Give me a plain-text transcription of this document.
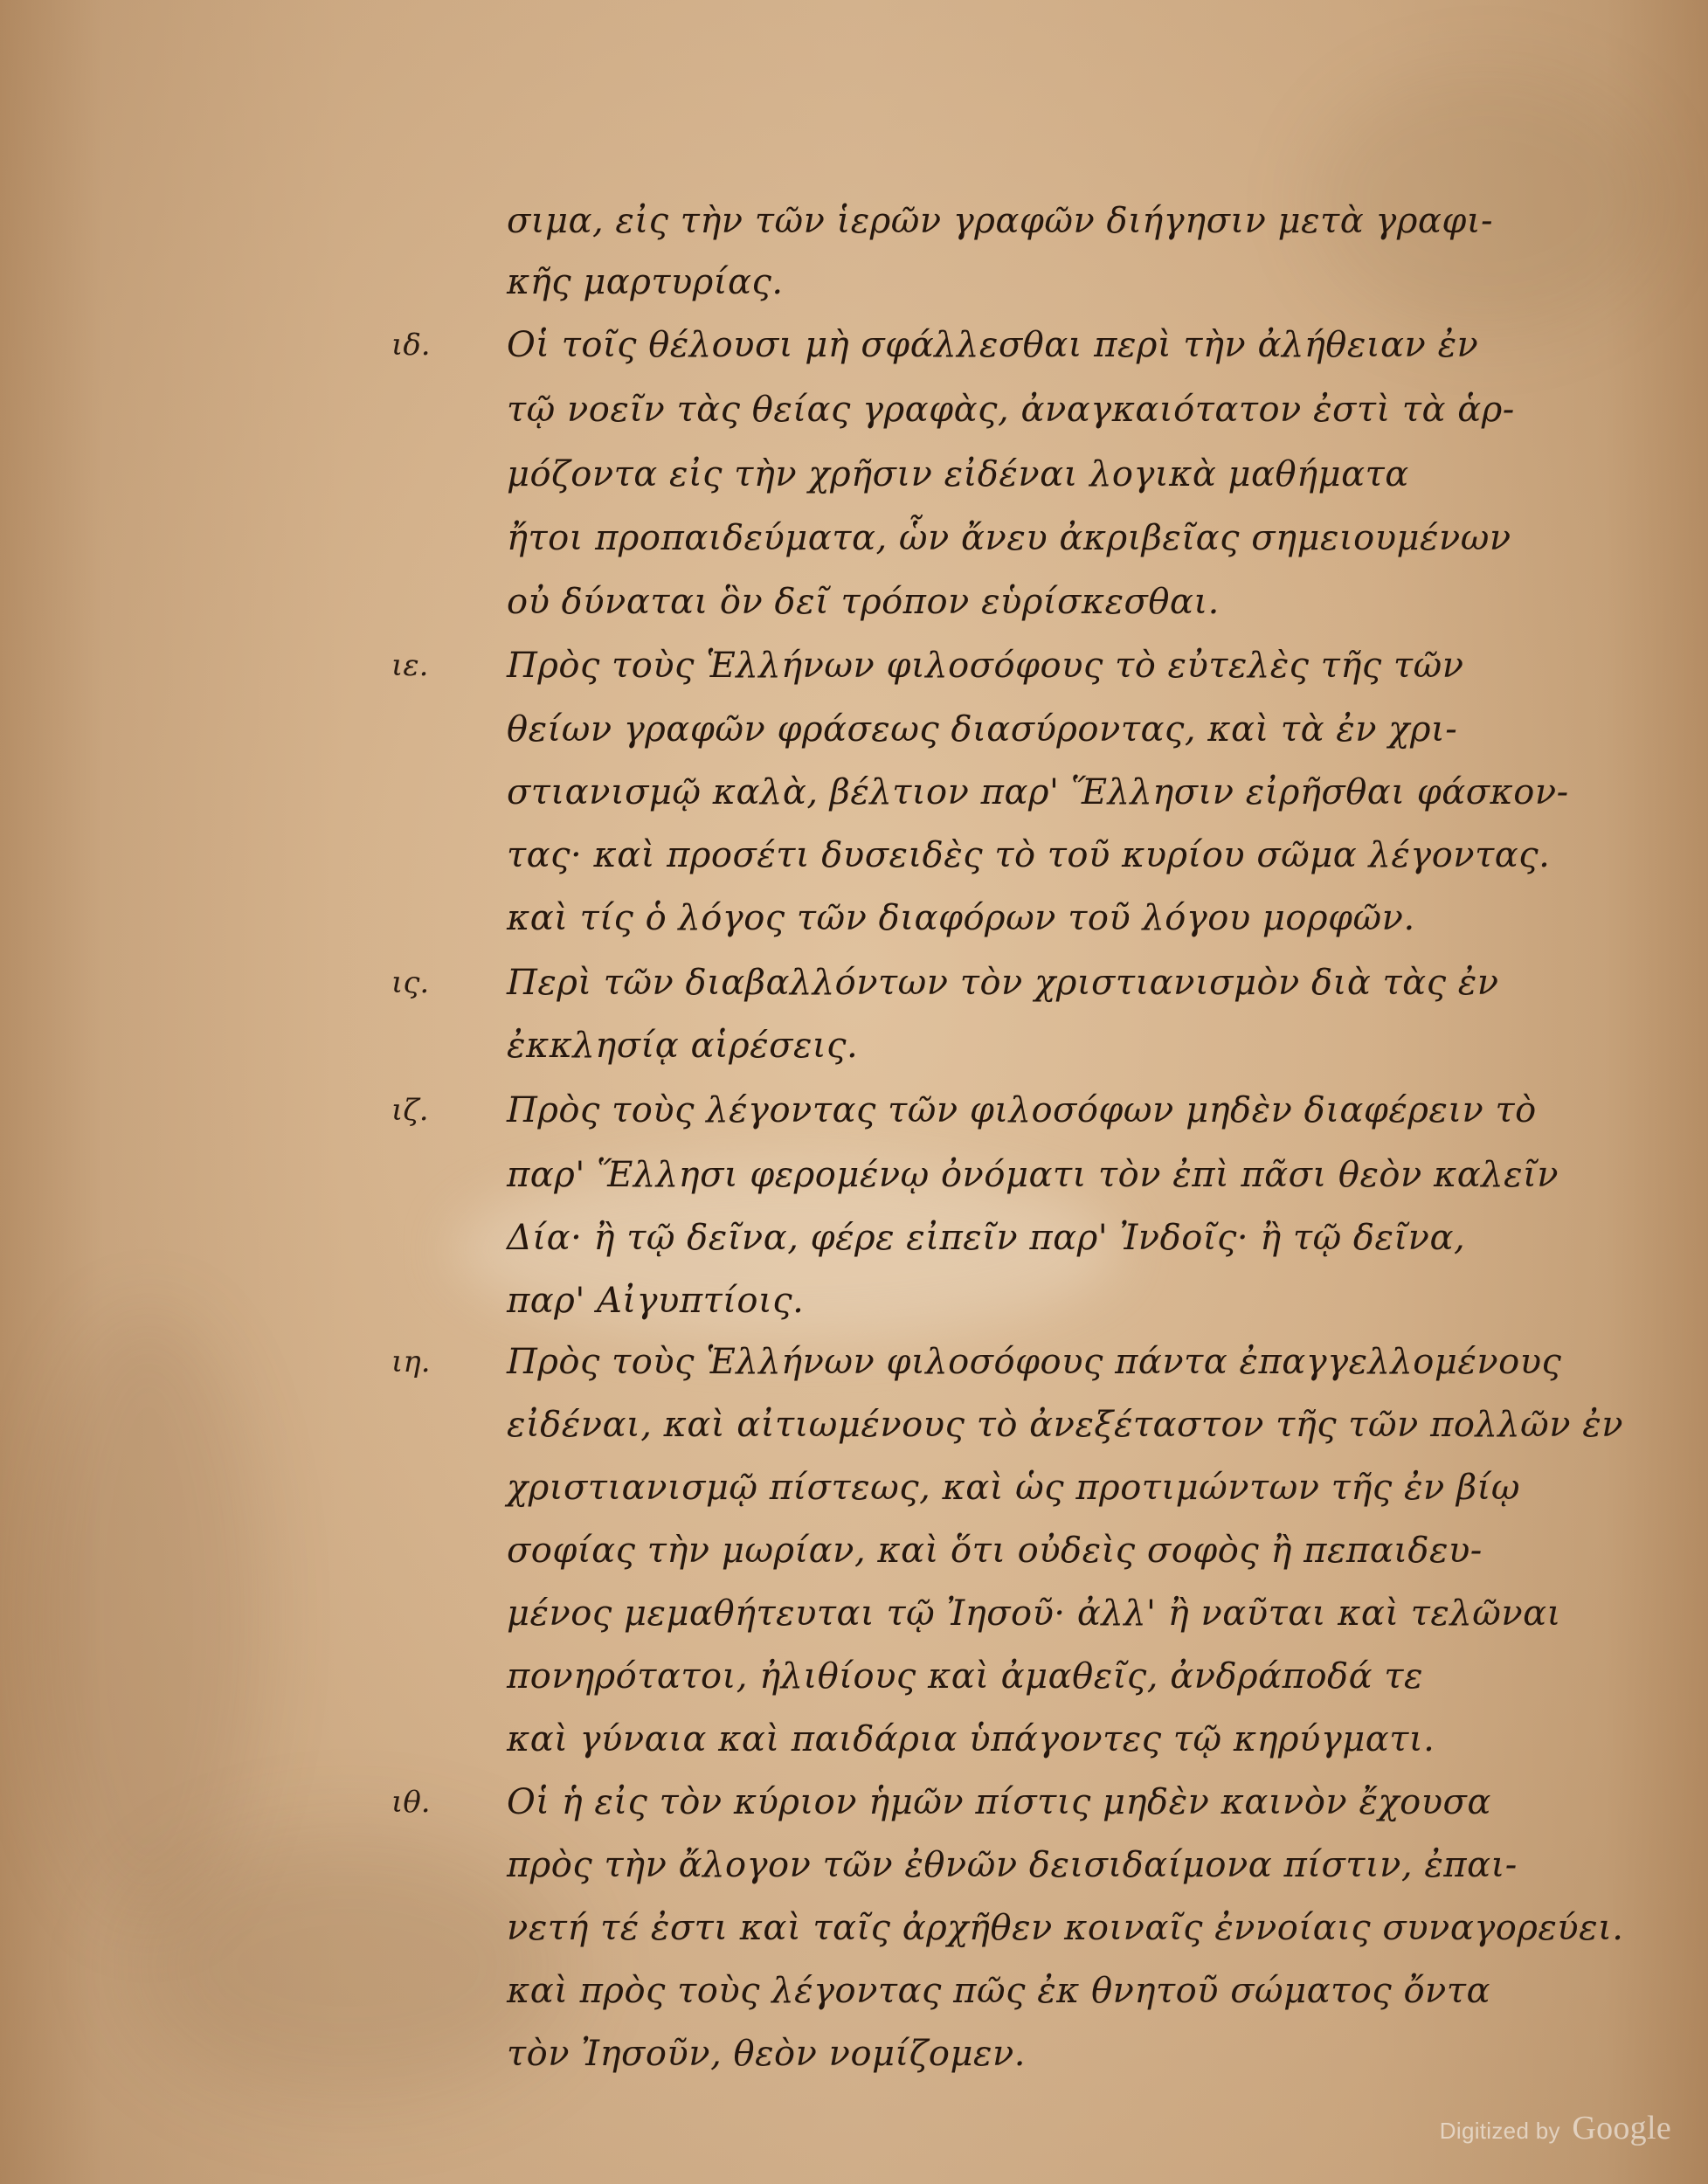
σιμα, εἰς τὴν τῶν ἱερῶν γραφῶν διήγησιν μετὰ γραφι-
κῆς μαρτυρίας.
ιδ. Οἱ τοῖς θέλουσι μὴ σφάλλεσθαι περὶ τὴν ἀλήθειαν ἐν
τῷ νοεῖν τὰς θείας γραφὰς, ἀναγκαιότατον ἐστὶ τὰ ἁρ-
μόζοντα εἰς τὴν χρῆσιν εἰδέναι λογικὰ μαθήματα
ἤτοι προπαιδεύματα, ὧν ἄνευ ἀκριβεῖας σημειουμένων
οὐ δύναται ὃν δεῖ τρόπον εὑρίσκεσθαι.
ιε. Πρὸς τοὺς Ἑλλήνων φιλοσόφους τὸ εὐτελὲς τῆς τῶν
θείων γραφῶν φράσεως διασύροντας, καὶ τὰ ἐν χρι-
στιανισμῷ καλὰ, βέλτιον παρ' Ἕλλησιν εἰρῆσθαι φάσκον-
τας· καὶ προσέτι δυσειδὲς τὸ τοῦ κυρίου σῶμα λέγοντας.
καὶ τίς ὁ λόγος τῶν διαφόρων τοῦ λόγου μορφῶν.
ις. Περὶ τῶν διαβαλλόντων τὸν χριστιανισμὸν διὰ τὰς ἐν
ἐκκλησίᾳ αἱρέσεις.
ιζ. Πρὸς τοὺς λέγοντας τῶν φιλοσόφων μηδὲν διαφέρειν τὸ
παρ' Ἕλλησι φερομένῳ ὀνόματι τὸν ἐπὶ πᾶσι θεὸν καλεῖν
Δία· ἢ τῷ δεῖνα, φέρε εἰπεῖν παρ' Ἰνδοῖς· ἢ τῷ δεῖνα,
παρ' Αἰγυπτίοις.
ιη. Πρὸς τοὺς Ἑλλήνων φιλοσόφους πάντα ἐπαγγελλομένους
εἰδέναι, καὶ αἰτιωμένους τὸ ἀνεξέταστον τῆς τῶν πολλῶν ἐν
χριστιανισμῷ πίστεως, καὶ ὡς προτιμώντων τῆς ἐν βίῳ
σοφίας τὴν μωρίαν, καὶ ὅτι οὐδεὶς σοφὸς ἢ πεπαιδευ-
μένος μεμαθήτευται τῷ Ἰησοῦ· ἀλλ' ἢ ναῦται καὶ τελῶναι
πονηρότατοι, ἠλιθίους καὶ ἀμαθεῖς, ἀνδράποδά τε
καὶ γύναια καὶ παιδάρια ὑπάγοντες τῷ κηρύγματι.
ιθ. Οἱ ἡ εἰς τὸν κύριον ἡμῶν πίστις μηδὲν καινὸν ἔχουσα
πρὸς τὴν ἄλογον τῶν ἐθνῶν δεισιδαίμονα πίστιν, ἐπαι-
νετή τέ ἐστι καὶ ταῖς ἀρχῆθεν κοιναῖς ἐννοίαις συναγορεύει.
καὶ πρὸς τοὺς λέγοντας πῶς ἐκ θνητοῦ σώματος ὄντα
τὸν Ἰησοῦν, θεὸν νομίζομεν.
Digitized by Google
